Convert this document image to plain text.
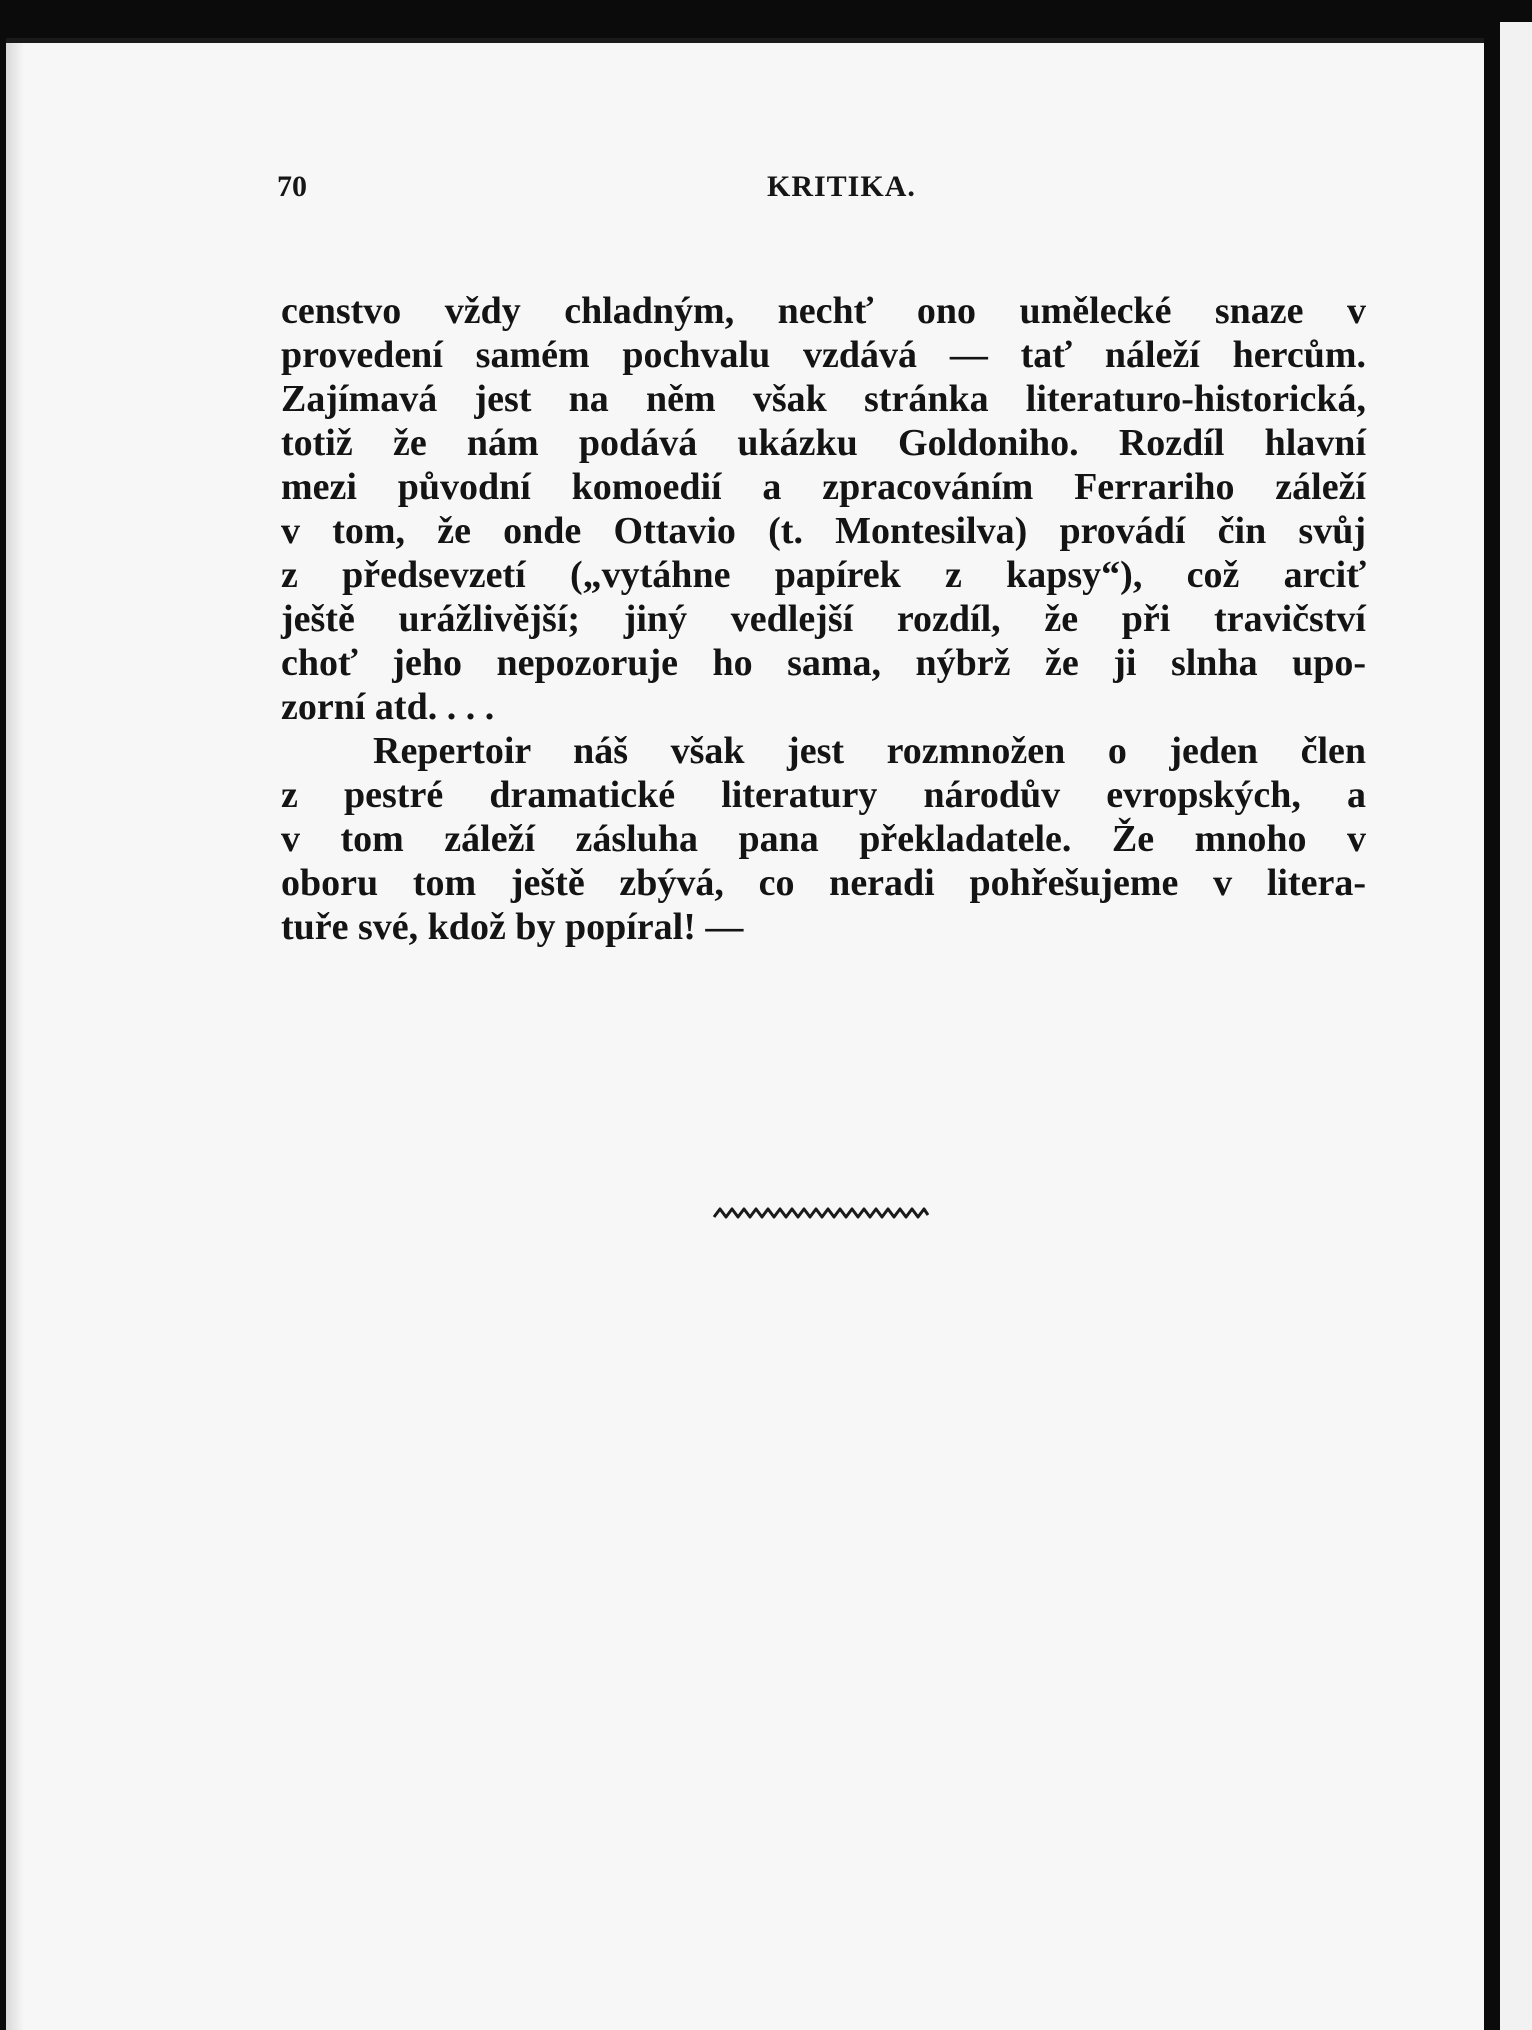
70	KRITIKA.
censtvo vždy chladným, nechť ono umělecké snaze v
provedení samém pochvalu vzdává — tať náleží hercům.
Zajímavá jest na něm však stránka literaturo-historická,
totiž že nám podává ukázku Goldoniho. Rozdíl hlavní
mezi původní komoedií a zpracováním Ferrariho záleží
v tom, že onde Ottavio (t. Montesilva) provádí čin svůj
z předsevzetí („vytáhne papírek z kapsy“), což arciť
ještě urážlivější; jiný vedlejší rozdíl, že při travičství
choť jeho nepozoruje ho sama, nýbrž že ji slnha upo-
zorní atd. . . .
Repertoir náš však jest rozmnožen o jeden člen
z pestré dramatické literatury národův evropských, a
v tom záleží zásluha pana překladatele. Že mnoho v
oboru tom ještě zbývá, co neradi pohřešujeme v litera-
tuře své, kdož by popíral! —
